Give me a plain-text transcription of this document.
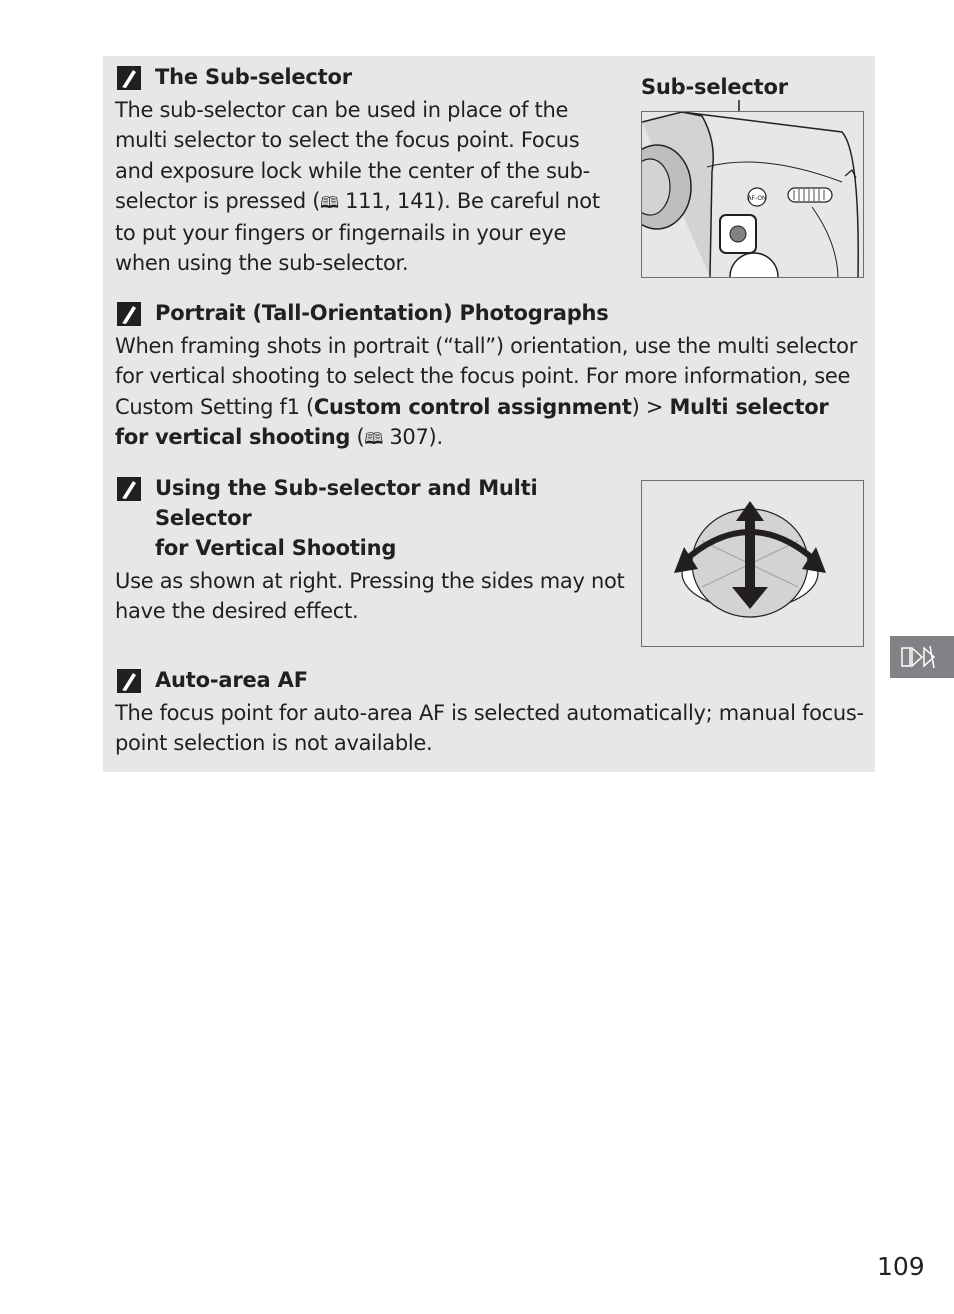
The Sub-selector

The sub-selector can be used in place of the multi selector to select the focus point. Focus and exposure lock while the center of the sub-selector is pressed (🕮 111, 141). Be careful not to put your fingers or fingernails in your eye when using the sub-selector.

Sub-selector
AF-ON
Portrait (Tall-Orientation) Photographs

When framing shots in portrait (“tall”) orientation, use the multi selector for vertical shooting to select the focus point. For more information, see Custom Setting f1 (Custom control assignment) > Multi selector for vertical shooting (🕮 307).

Using the Sub-selector and Multi Selector
for Vertical Shooting

Use as shown at right. Pressing the sides may not have the desired effect.

Auto-area AF

The focus point for auto-area AF is selected automatically; manual focus-point selection is not available.

109
